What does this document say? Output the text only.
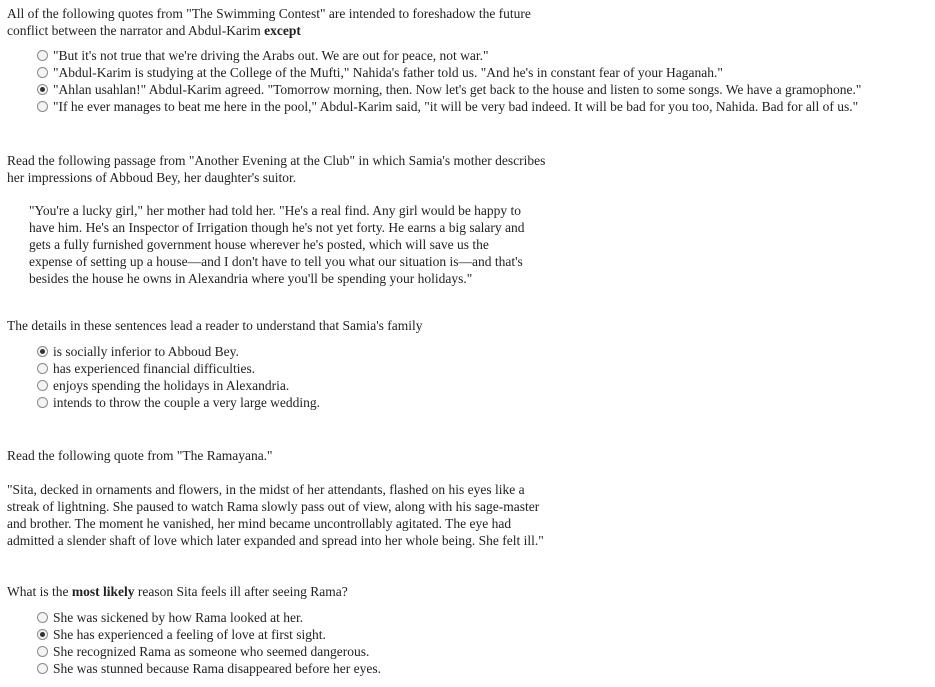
All of the following quotes from "The Swimming Contest" are intended to foreshadow the future conflict between the narrator and Abdul-Karim except

"But it's not true that we're driving the Arabs out. We are out for peace, not war."
"Abdul-Karim is studying at the College of the Mufti," Nahida's father told us. "And he's in constant fear of your Haganah."
"Ahlan usahlan!" Abdul-Karim agreed. "Tomorrow morning, then. Now let's get back to the house and listen to some songs. We have a gramophone."
"If he ever manages to beat me here in the pool," Abdul-Karim said, "it will be very bad indeed. It will be bad for you too, Nahida. Bad for all of us."

Read the following passage from "Another Evening at the Club" in which Samia's mother describes her impressions of Abboud Bey, her daughter's suitor.

"You're a lucky girl," her mother had told her. "He's a real find. Any girl would be happy to have him. He's an Inspector of Irrigation though he's not yet forty. He earns a big salary and gets a fully furnished government house wherever he's posted, which will save us the expense of setting up a house—and I don't have to tell you what our situation is—and that's besides the house he owns in Alexandria where you'll be spending your holidays."

The details in these sentences lead a reader to understand that Samia's family

is socially inferior to Abboud Bey.
has experienced financial difficulties.
enjoys spending the holidays in Alexandria.
intends to throw the couple a very large wedding.

Read the following quote from "The Ramayana."

"Sita, decked in ornaments and flowers, in the midst of her attendants, flashed on his eyes like a streak of lightning. She paused to watch Rama slowly pass out of view, along with his sage-master and brother. The moment he vanished, her mind became uncontrollably agitated. The eye had admitted a slender shaft of love which later expanded and spread into her whole being. She felt ill."

What is the most likely reason Sita feels ill after seeing Rama?

She was sickened by how Rama looked at her.
She has experienced a feeling of love at first sight.
She recognized Rama as someone who seemed dangerous.
She was stunned because Rama disappeared before her eyes.
